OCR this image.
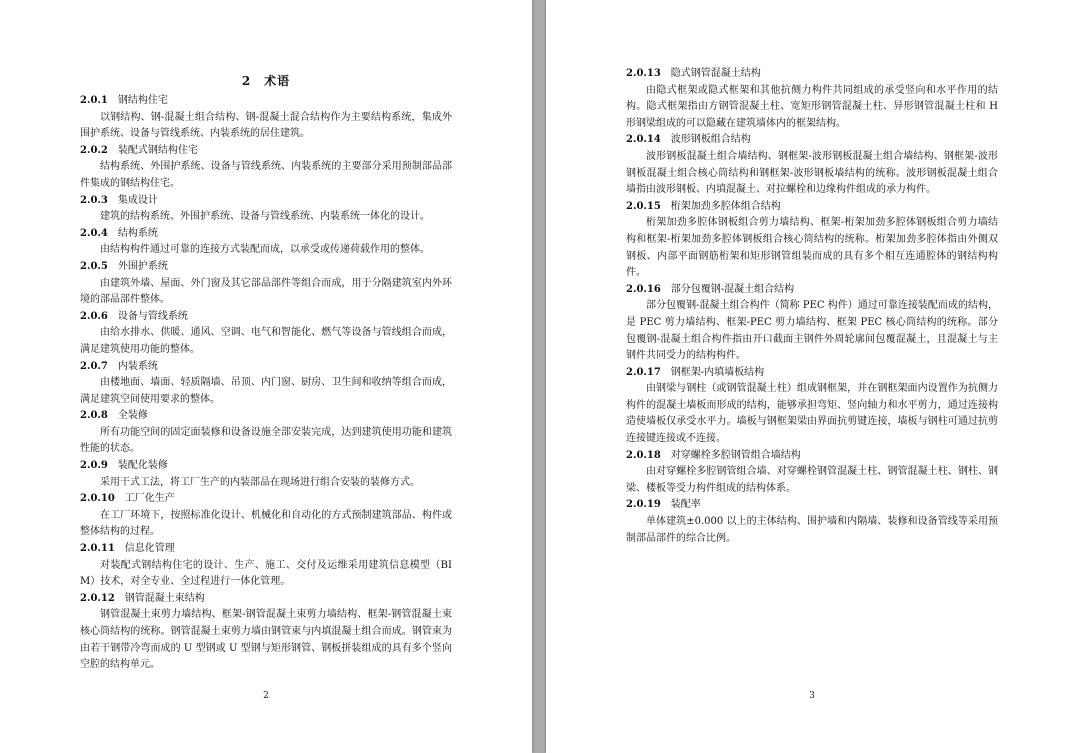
2　术语
2.0.1　 钢结构住宅

以钢结构、钢-混凝土组合结构、钢-混凝土混合结构作为主要结构系统，集成外围护系统、设备与管线系统、内装系统的居住建筑。

2.0.2　 装配式钢结构住宅

结构系统、外围护系统、设备与管线系统、内装系统的主要部分采用预制部品部件集成的钢结构住宅。

2.0.3　 集成设计

建筑的结构系统、外围护系统、设备与管线系统、内装系统一体化的设计。

2.0.4　 结构系统

由结构构件通过可靠的连接方式装配而成，以承受或传递荷载作用的整体。

2.0.5　 外围护系统

由建筑外墙、屋面、外门窗及其它部品部件等组合而成，用于分隔建筑室内外环境的部品部件整体。

2.0.6　 设备与管线系统

由给水排水、供暖、通风、空调、电气和智能化、燃气等设备与管线组合而成，满足建筑使用功能的整体。

2.0.7　 内装系统

由楼地面、墙面、轻质隔墙、吊顶、内门窗、厨房、卫生间和收纳等组合而成，满足建筑空间使用要求的整体。

2.0.8　 全装修

所有功能空间的固定面装修和设备设施全部安装完成，达到建筑使用功能和建筑性能的状态。

2.0.9　 装配化装修

采用干式工法，将工厂生产的内装部品在现场进行组合安装的装修方式。

2.0.10　 工厂化生产

在工厂环境下，按照标准化设计、机械化和自动化的方式预制建筑部品、构件或整体结构的过程。

2.0.11　 信息化管理

对装配式钢结构住宅的设计、生产、施工、交付及运维采用建筑信息模型（BIM）技术，对全专业、全过程进行一体化管理。

2.0.12　 钢管混凝土束结构

钢管混凝土束剪力墙结构、框架-钢管混凝土束剪力墙结构、框架-钢管混凝土束核心筒结构的统称。钢管混凝土束剪力墙由钢管束与内填混凝土组合而成。钢管束为由若干钢带冷弯而成的 U 型钢或 U 型钢与矩形钢管、钢板拼装组成的具有多个竖向空腔的结构单元。

2
2.0.13　 隐式钢管混凝土结构

由隐式框架或隐式框架和其他抗侧力构件共同组成的承受竖向和水平作用的结构。隐式框架指由方钢管混凝土柱、宽矩形钢管混凝土柱、异形钢管混凝土柱和 H 形钢梁组成的可以隐藏在建筑墙体内的框架结构。

2.0.14　 波形钢板组合结构

波形钢板混凝土组合墙结构、钢框架-波形钢板混凝土组合墙结构、钢框架-波形钢板混凝土组合核心筒结构和钢框架-波形钢板墙结构的统称。波形钢板混凝土组合墙指由波形钢板、内填混凝土、对拉螺栓和边缘构件组成的承力构件。

2.0.15　 桁架加劲多腔体组合结构

桁架加劲多腔体钢板组合剪力墙结构、框架-桁架加劲多腔体钢板组合剪力墙结构和框架-桁架加劲多腔体钢板组合核心筒结构的统称。桁架加劲多腔体指由外侧双钢板、内部平面钢筋桁架和矩形钢管组装而成的具有多个相互连通腔体的钢结构构件。

2.0.16　 部分包覆钢-混凝土组合结构

部分包覆钢-混凝土组合构件（简称 PEC 构件）通过可靠连接装配而成的结构，是 PEC 剪力墙结构、框架-PEC 剪力墙结构、框架 PEC 核心筒结构的统称。部分包覆钢-混凝土组合构件指由开口截面主钢件外周轮廓间包覆混凝土，且混凝土与主钢件共同受力的结构构件。

2.0.17　 钢框架-内填墙板结构

由钢梁与钢柱（或钢管混凝土柱）组成钢框架，并在钢框架面内设置作为抗侧力构件的混凝土墙板而形成的结构，能够承担弯矩、竖向轴力和水平剪力，通过连接构造使墙板仅承受水平力。墙板与钢框架梁由界面抗剪键连接，墙板与钢柱可通过抗剪连接键连接或不连接。

2.0.18　 对穿螺栓多腔钢管组合墙结构

由对穿螺栓多腔钢管组合墙、对穿螺栓钢管混凝土柱、钢管混凝土柱、钢柱、钢梁、楼板等受力构件组成的结构体系。

2.0.19　 装配率

单体建筑±0.000 以上的主体结构、围护墙和内隔墙、装修和设备管线等采用预制部品部件的综合比例。

3
